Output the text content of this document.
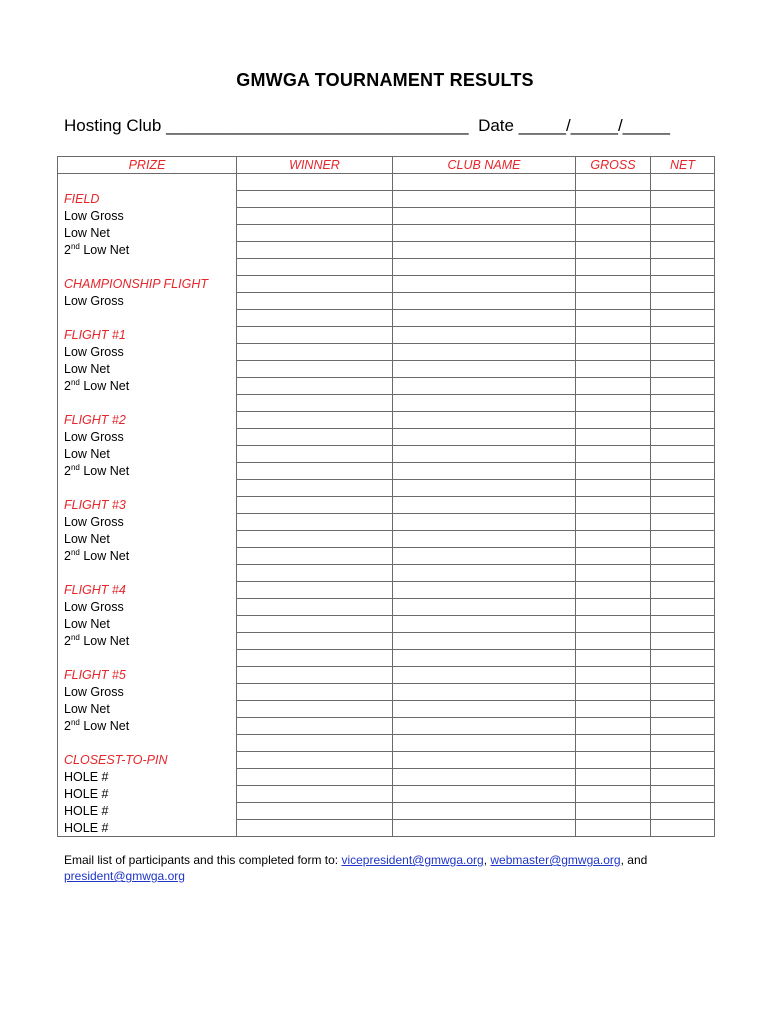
GMWGA TOURNAMENT RESULTS
Hosting Club ________________________________ Date _____/_____/_____
PRIZE	WINNER	CLUB NAME	GROSS	NET

FIELD				
Low Gross				
Low Net				
2nd Low Net				

CHAMPIONSHIP FLIGHT				
Low Gross				

FLIGHT #1				
Low Gross				
Low Net				
2nd Low Net				

FLIGHT #2				
Low Gross				
Low Net				
2nd Low Net				

FLIGHT #3				
Low Gross				
Low Net				
2nd Low Net				

FLIGHT #4				
Low Gross				
Low Net				
2nd Low Net				

FLIGHT #5				
Low Gross				
Low Net				
2nd Low Net				

CLOSEST-TO-PIN				
HOLE #				
HOLE #				
HOLE #				
HOLE #				
Email list of participants and this completed form to: vicepresident@gmwga.org, webmaster@gmwga.org, and
president@gmwga.org
